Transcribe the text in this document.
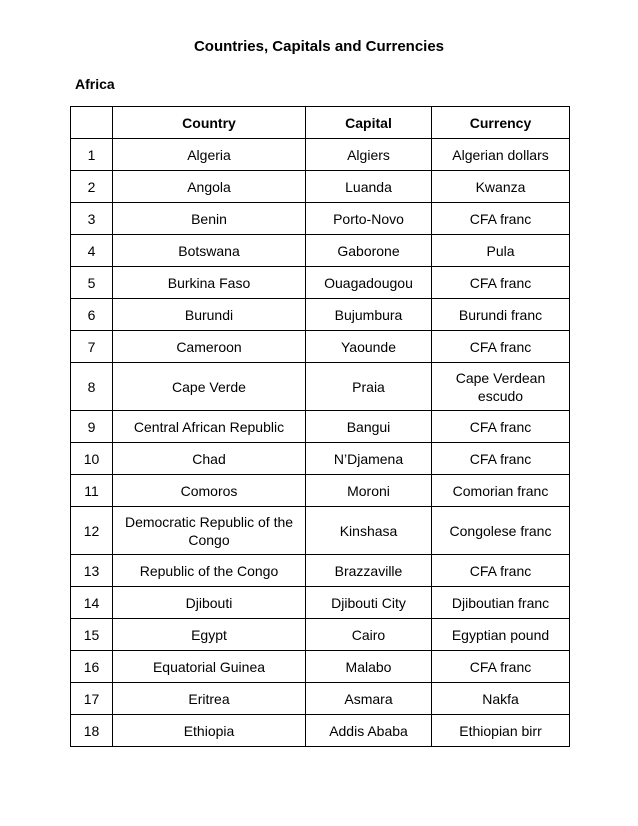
Countries, Capitals and Currencies
Africa
	Country	Capital	Currency
1	Algeria	Algiers	Algerian dollars
2	Angola	Luanda	Kwanza
3	Benin	Porto-Novo	CFA franc
4	Botswana	Gaborone	Pula
5	Burkina Faso	Ouagadougou	CFA franc
6	Burundi	Bujumbura	Burundi franc
7	Cameroon	Yaounde	CFA franc
8	Cape Verde	Praia	Cape Verdean escudo
9	Central African Republic	Bangui	CFA franc
10	Chad	N’Djamena	CFA franc
11	Comoros	Moroni	Comorian franc
12	Democratic Republic of the Congo	Kinshasa	Congolese franc
13	Republic of the Congo	Brazzaville	CFA franc
14	Djibouti	Djibouti City	Djiboutian franc
15	Egypt	Cairo	Egyptian pound
16	Equatorial Guinea	Malabo	CFA franc
17	Eritrea	Asmara	Nakfa
18	Ethiopia	Addis Ababa	Ethiopian birr
